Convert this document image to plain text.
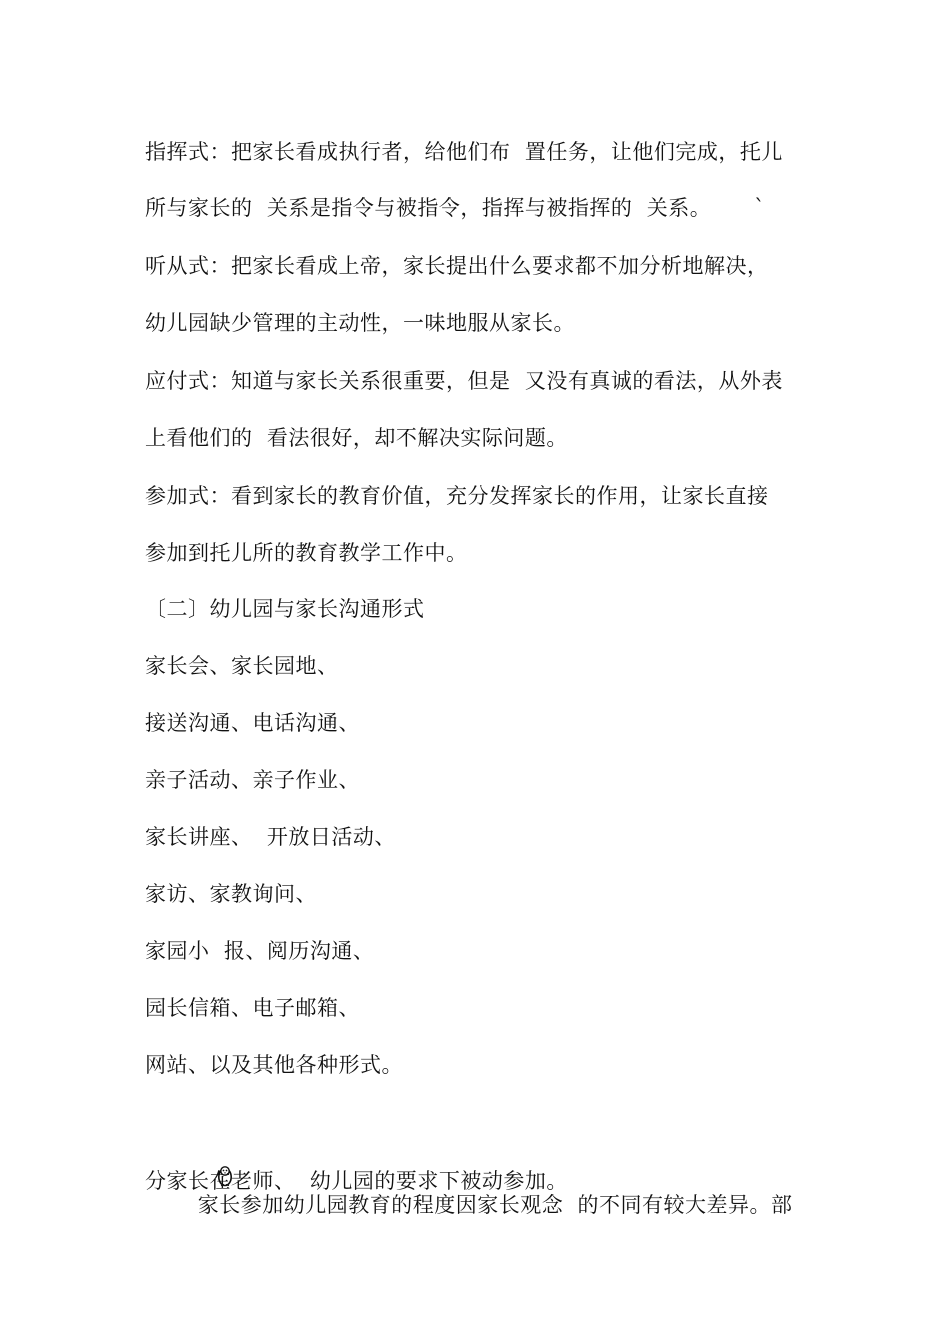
指挥式：把家长看成执行者，给他们布  置任务，让他们完成，托儿
所与家长的  关系是指令与被指令，指挥与被指挥的  关系。      `
听从式：把家长看成上帝，家长提出什么要求都不加分析地解决，
幼儿园缺少管理的主动性，一味地服从家长。
应付式：知道与家长关系很重要，但是  又没有真诚的看法，从外表
上看他们的  看法很好，却不解决实际问题。
参加式：看到家长的教育价值，充分发挥家长的作用，让家长直接
参加到托儿所的教育教学工作中。
〔二〕幼儿园与家长沟通形式
家长会、家长园地、
接送沟通、电话沟通、
亲子活动、亲子作业、
家长讲座、  开放日活动、
家访、家教询问、
家园小  报、阅历沟通、
园长信箱、电子邮箱、
网站、以及其他各种形式。

家长参加幼儿园教育的程度因家长观念  的不同有较大差异。部

分家长在老师、  幼儿园的要求下被动参加。
